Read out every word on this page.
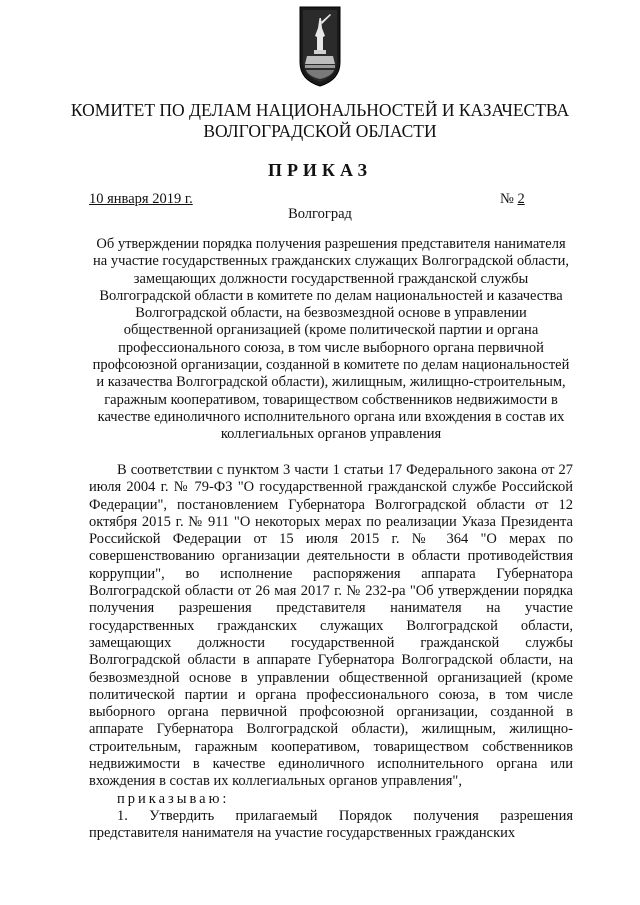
КОМИТЕТ ПО ДЕЛАМ НАЦИОНАЛЬНОСТЕЙ И КАЗАЧЕСТВА
ВОЛГОГРАДСКОЙ ОБЛАСТИ
ПРИКАЗ
10 января 2019 г.	№ 2
Волгоград
Об утверждении порядка получения разрешения представителя нанимателя на участие государственных гражданских служащих Волгоградской области, замещающих должности государственной гражданской службы Волгоградской области в комитете по делам национальностей и казачества Волгоградской области, на безвозмездной основе в управлении общественной организацией (кроме политической партии и органа профессионального союза, в том числе выборного органа первичной профсоюзной организации, созданной в комитете по делам национальностей и казачества Волгоградской области), жилищным, жилищно-строительным, гаражным кооперативом, товариществом собственников недвижимости в качестве единоличного исполнительного органа или вхождения в состав их коллегиальных органов управления

В соответствии с пунктом 3 части 1 статьи 17 Федерального закона от 27 июля 2004 г. № 79-ФЗ "О государственной гражданской службе Российской Федерации", постановлением Губернатора Волгоградской области от 12 октября 2015 г. № 911 "О некоторых мерах по реализации Указа Президента Российской Федерации от 15 июля 2015 г. № 364 "О мерах по совершенствованию организации деятельности в области противодействия коррупции", во исполнение распоряжения аппарата Губернатора Волгоградской области от 26 мая 2017 г. № 232-ра "Об утверждении порядка получения разрешения представителя нанимателя на участие государственных гражданских служащих Волгоградской области, замещающих должности государственной гражданской службы Волгоградской области в аппарате Губернатора Волгоградской области, на безвозмездной основе в управлении общественной организацией (кроме политической партии и органа профессионального союза, в том числе выборного органа первичной профсоюзной организации, созданной в аппарате Губернатора Волгоградской области), жилищным, жилищно-строительным, гаражным кооперативом, товариществом собственников недвижимости в качестве единоличного исполнительного органа или вхождения в состав их коллегиальных органов управления",

приказываю:

1. Утвердить прилагаемый Порядок получения разрешения представителя нанимателя на участие государственных гражданских
